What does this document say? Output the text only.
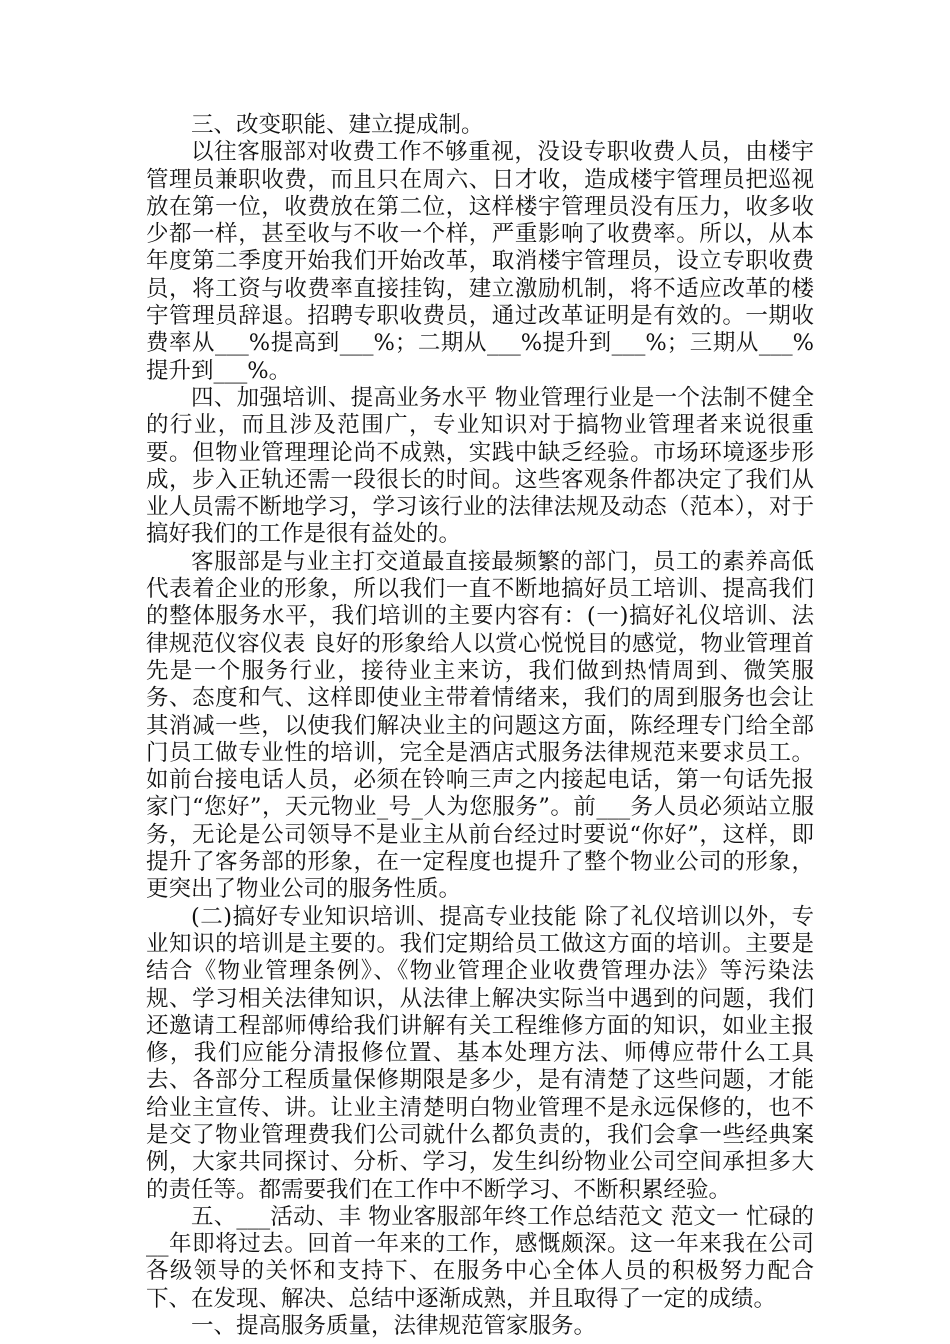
三、改变职能、建立提成制。

以往客服部对收费工作不够重视，没设专职收费人员，由楼宇管理员兼职收费，而且只在周六、日才收，造成楼宇管理员把巡视放在第一位，收费放在第二位，这样楼宇管理员没有压力，收多收少都一样，甚至收与不收一个样，严重影响了收费率。所以，从本年度第二季度开始我们开始改革，取消楼宇管理员，设立专职收费员，将工资与收费率直接挂钩，建立激励机制，将不适应改革的楼宇管理员辞退。招聘专职收费员，通过改革证明是有效的。一期收费率从___%提高到___%；二期从___%提升到___%；三期从___%提升到___%。

四、加强培训、提高业务水平 物业管理行业是一个法制不健全的行业，而且涉及范围广，专业知识对于搞物业管理者来说很重要。但物业管理理论尚不成熟，实践中缺乏经验。市场环境逐步形成，步入正轨还需一段很长的时间。这些客观条件都决定了我们从业人员需不断地学习，学习该行业的法律法规及动态（范本），对于搞好我们的工作是很有益处的。

客服部是与业主打交道最直接最频繁的部门，员工的素养高低代表着企业的形象，所以我们一直不断地搞好员工培训、提高我们的整体服务水平，我们培训的主要内容有：(一)搞好礼仪培训、法律规范仪容仪表 良好的形象给人以赏心悦悦目的感觉，物业管理首先是一个服务行业，接待业主来访，我们做到热情周到、微笑服务、态度和气、这样即使业主带着情绪来，我们的周到服务也会让其消减一些，以使我们解决业主的问题这方面，陈经理专门给全部门员工做专业性的培训，完全是酒店式服务法律规范来要求员工。如前台接电话人员，必须在铃响三声之内接起电话，第一句话先报家门“您好”，天元物业_号_人为您服务”。前___务人员必须站立服务，无论是公司领导不是业主从前台经过时要说“你好”，这样，即提升了客务部的形象，在一定程度也提升了整个物业公司的形象，更突出了物业公司的服务性质。

(二)搞好专业知识培训、提高专业技能 除了礼仪培训以外，专业知识的培训是主要的。我们定期给员工做这方面的培训。主要是结合《物业管理条例》、《物业管理企业收费管理办法》等污染法规、学习相关法律知识，从法律上解决实际当中遇到的问题，我们还邀请工程部师傅给我们讲解有关工程维修方面的知识，如业主报修，我们应能分清报修位置、基本处理方法、师傅应带什么工具去、各部分工程质量保修期限是多少，是有清楚了这些问题，才能给业主宣传、讲。让业主清楚明白物业管理不是永远保修的，也不是交了物业管理费我们公司就什么都负责的，我们会拿一些经典案例，大家共同探讨、分析、学习，发生纠纷物业公司空间承担多大的责任等。都需要我们在工作中不断学习、不断积累经验。

五、___活动、丰 物业客服部年终工作总结范文 范文一 忙碌的__年即将过去。回首一年来的工作，感慨颇深。这一年来我在公司各级领导的关怀和支持下、在服务中心全体人员的积极努力配合下、在发现、解决、总结中逐渐成熟，并且取得了一定的成绩。

一、提高服务质量，法律规范管家服务。
